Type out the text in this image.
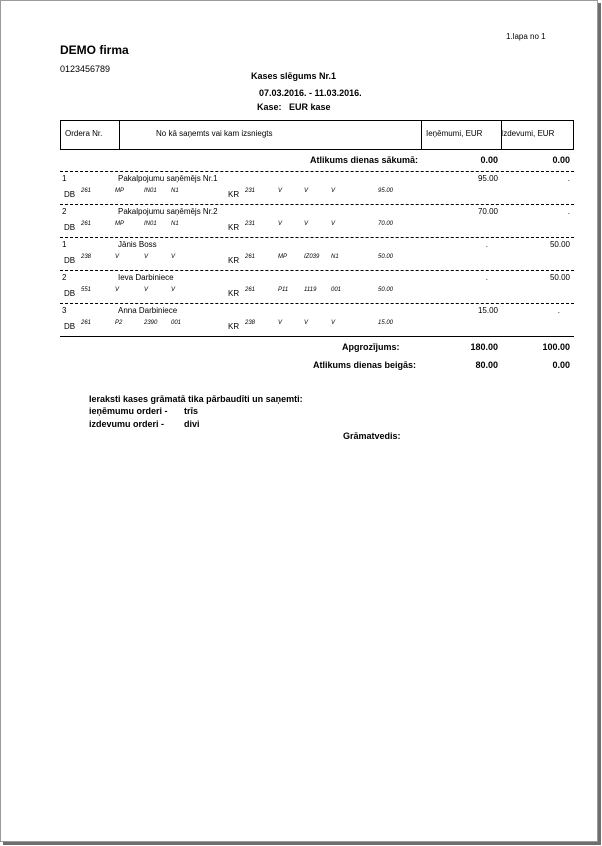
1.lapa no 1
DEMO firma
0123456789
Kases slēgums Nr.1
07.03.2016. - 11.03.2016.
Kase: EUR kase
Ordera Nr.	No kā saņemts vai kam izsniegts	Ieņēmumi, EUR Izdevumi, EUR
Atlikums dienas sākumā:	0.00	0.00
1	Pakalpojumu saņēmējs Nr.1	95.00	.
DB 261	MP	IN01 N1	KR 231	V	V	V	95.00
2	Pakalpojumu saņēmējs Nr.2	70.00	.
DB 261	MP	IN01 N1	KR 231	V	V	V	70.00
1	Jānis Boss	.	50.00
DB 238	V	V	V	KR 261	MP	IZ039 N1	50.00
2	Ieva Darbiniece	.	50.00
DB 551	V	V	V	KR 261	P11	1119 001	50.00
3	Anna Darbiniece	15.00	.
DB 261	P2	2390 001	KR 238	V	V	V	15.00
Apgrozījums:	180.00	100.00
Atlikums dienas beigās:	80.00	0.00
Ieraksti kases grāmatā tika pārbaudīti un saņemti:
ieņēmumu orderi - trīs
izdevumu orderi - divi
Grāmatvedis:
